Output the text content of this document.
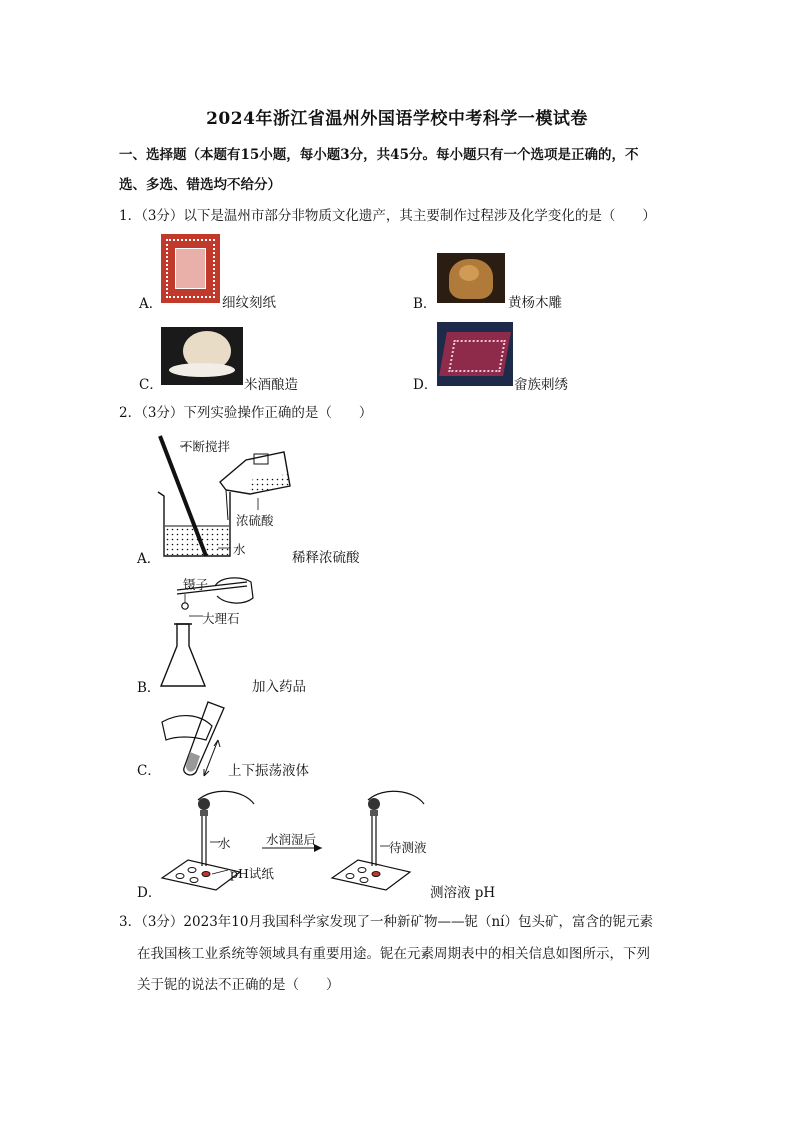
2024年浙江省温州外国语学校中考科学一模试卷
一、选择题（本题有15小题，每小题3分，共45分。每小题只有一个选项是正确的，不
选、多选、错选均不给分）
1．（3分）以下是温州市部分非物质文化遗产，其主要制作过程涉及化学变化的是（　　）
A．	细纹刻纸	B．	黄杨木雕
C．	米酒酿造	D．	畲族刺绣
2．（3分）下列实验操作正确的是（　　）
不断搅拌
浓硫酸
水
A．	稀释浓硫酸
镊子
大理石
B．	加入药品
C．	上下振荡液体
水
pH试纸
水润湿后
待测液
D．	测溶液 pH
3．（3分）2023年10月我国科学家发现了一种新矿物——铌（ní）包头矿，富含的铌元素
在我国核工业系统等领域具有重要用途。铌在元素周期表中的相关信息如图所示，下列
关于铌的说法不正确的是（　　）
